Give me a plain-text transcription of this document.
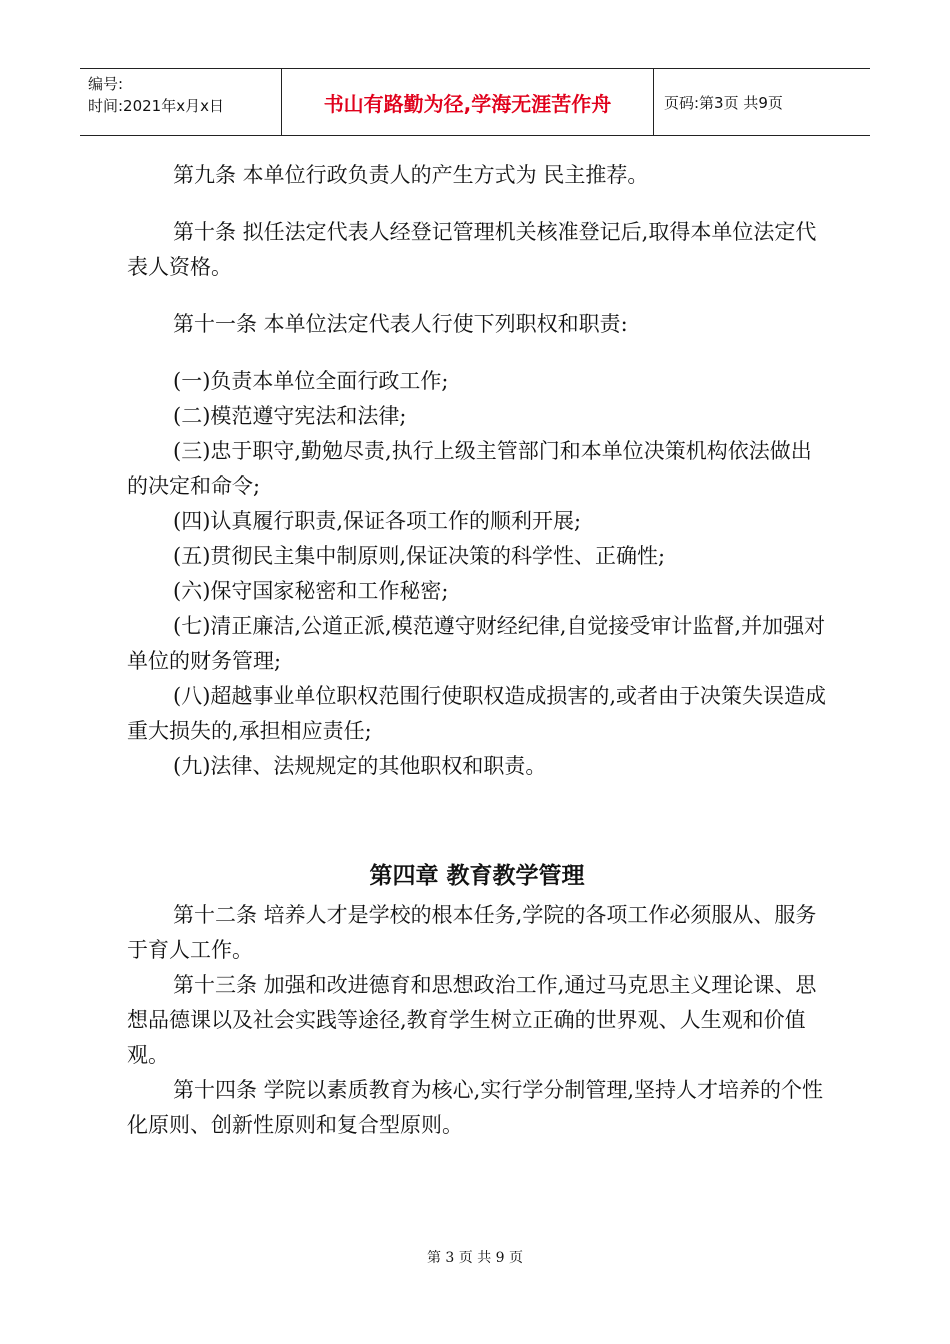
编号:
时间:2021年x月x日	书山有路勤为径,学海无涯苦作舟	页码:第3页 共9页

第九条 本单位行政负责人的产生方式为 民主推荐。

第十条 拟任法定代表人经登记管理机关核准登记后,取得本单位法定代表人资格。

第十一条 本单位法定代表人行使下列职权和职责:

(一)负责本单位全面行政工作;

(二)模范遵守宪法和法律;

(三)忠于职守,勤勉尽责,执行上级主管部门和本单位决策机构依法做出的决定和命令;

(四)认真履行职责,保证各项工作的顺利开展;

(五)贯彻民主集中制原则,保证决策的科学性、正确性;

(六)保守国家秘密和工作秘密;

(七)清正廉洁,公道正派,模范遵守财经纪律,自觉接受审计监督,并加强对单位的财务管理;

(八)超越事业单位职权范围行使职权造成损害的,或者由于决策失误造成重大损失的,承担相应责任;

(九)法律、法规规定的其他职权和职责。

第四章 教育教学管理

第十二条 培养人才是学校的根本任务,学院的各项工作必须服从、服务于育人工作。

第十三条 加强和改进德育和思想政治工作,通过马克思主义理论课、思想品德课以及社会实践等途径,教育学生树立正确的世界观、人生观和价值观。

第十四条 学院以素质教育为核心,实行学分制管理,坚持人才培养的个性化原则、创新性原则和复合型原则。

第 3 页 共 9 页
